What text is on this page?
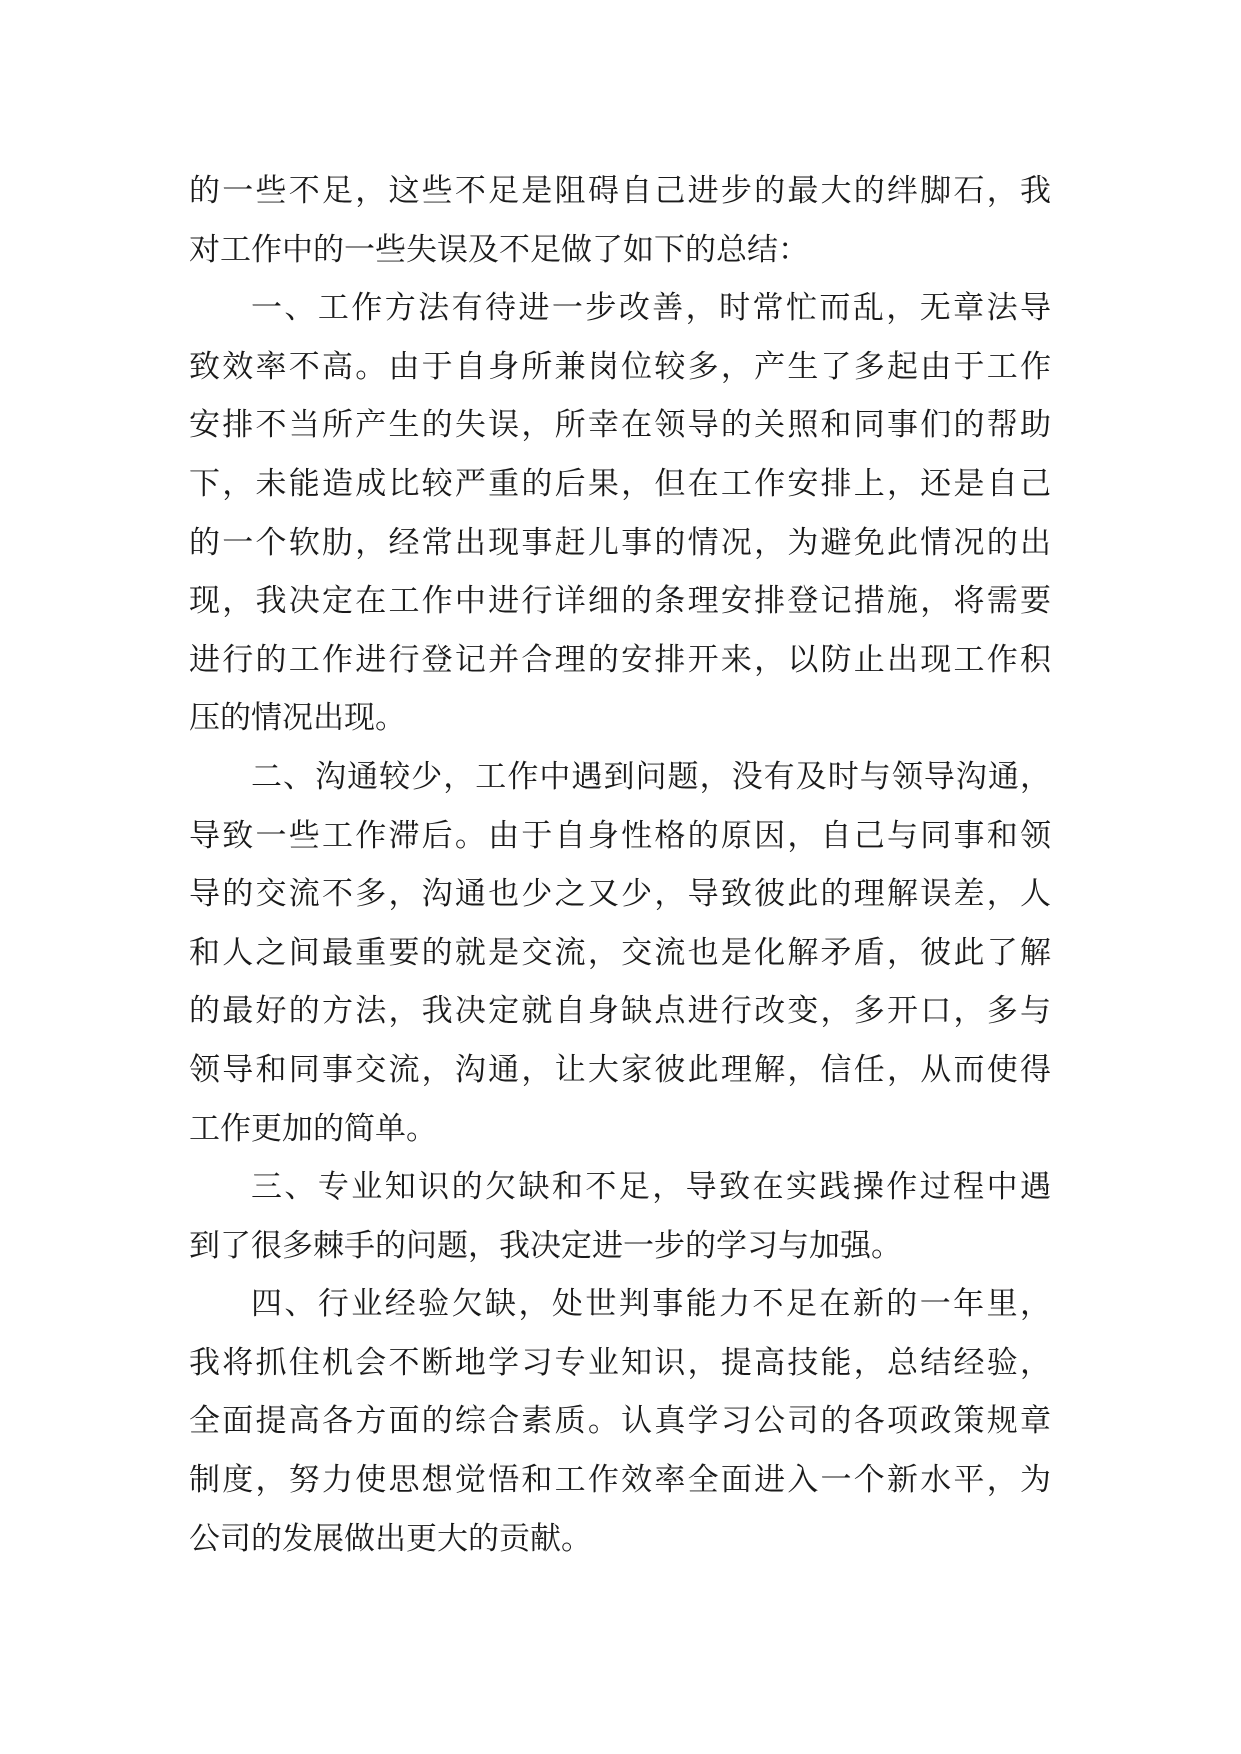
的一些不足，这些不足是阻碍自己进步的最大的绊脚石，我
对工作中的一些失误及不足做了如下的总结：
一、工作方法有待进一步改善，时常忙而乱，无章法导
致效率不高。由于自身所兼岗位较多，产生了多起由于工作
安排不当所产生的失误，所幸在领导的关照和同事们的帮助
下，未能造成比较严重的后果，但在工作安排上，还是自己
的一个软肋，经常出现事赶儿事的情况，为避免此情况的出
现，我决定在工作中进行详细的条理安排登记措施，将需要
进行的工作进行登记并合理的安排开来，以防止出现工作积
压的情况出现。
二、沟通较少，工作中遇到问题，没有及时与领导沟通，
导致一些工作滞后。由于自身性格的原因，自己与同事和领
导的交流不多，沟通也少之又少，导致彼此的理解误差，人
和人之间最重要的就是交流，交流也是化解矛盾，彼此了解
的最好的方法，我决定就自身缺点进行改变，多开口，多与
领导和同事交流，沟通，让大家彼此理解，信任，从而使得
工作更加的简单。
三、专业知识的欠缺和不足，导致在实践操作过程中遇
到了很多棘手的问题，我决定进一步的学习与加强。
四、行业经验欠缺，处世判事能力不足在新的一年里，
我将抓住机会不断地学习专业知识，提高技能，总结经验，
全面提高各方面的综合素质。认真学习公司的各项政策规章
制度，努力使思想觉悟和工作效率全面进入一个新水平，为
公司的发展做出更大的贡献。
